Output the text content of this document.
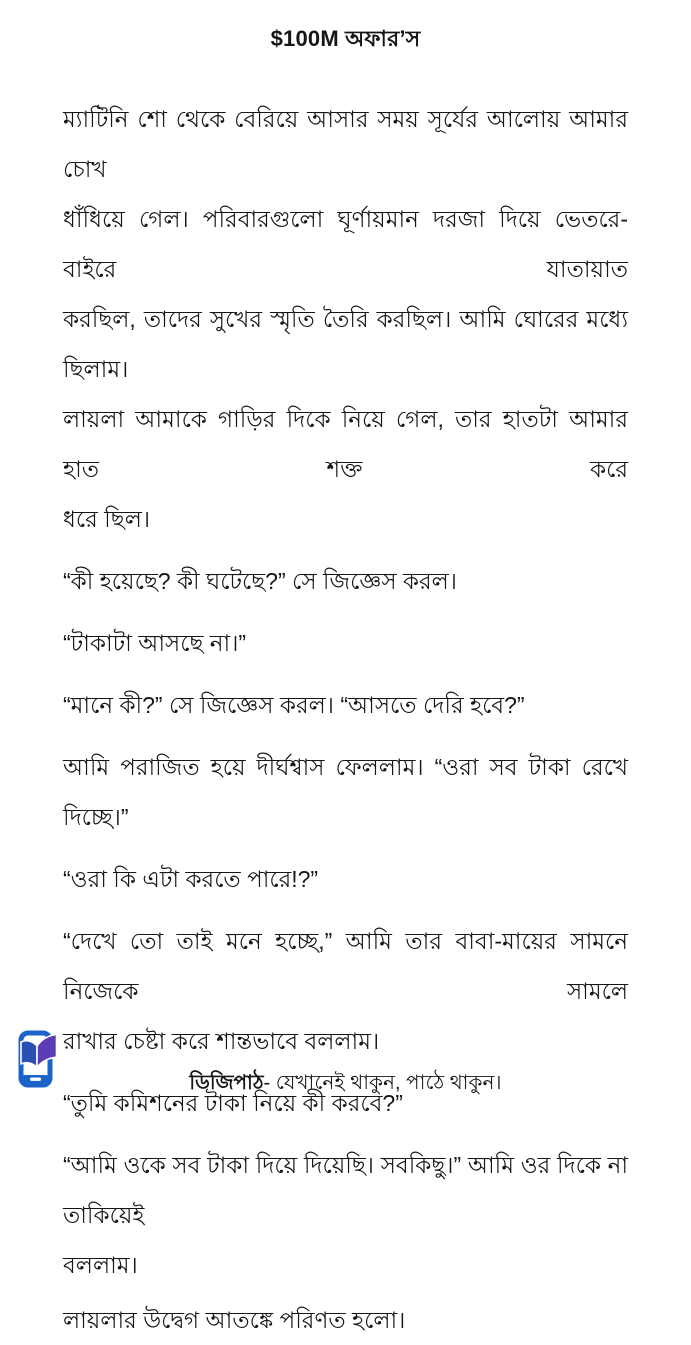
$100M অফার’স
ম্যাটিনি শো থেকে বেরিয়ে আসার সময় সূর্যের আলোয় আমার চোখ
ধাঁধিয়ে গেল। পরিবারগুলো ঘূর্ণায়মান দরজা দিয়ে ভেতরে-বাইরে যাতায়াত
করছিল, তাদের সুখের স্মৃতি তৈরি করছিল। আমি ঘোরের মধ্যে ছিলাম।
লায়লা আমাকে গাড়ির দিকে নিয়ে গেল, তার হাতটা আমার হাত শক্ত করে
ধরে ছিল।
“কী হয়েছে? কী ঘটেছে?” সে জিজ্ঞেস করল।
“টাকাটা আসছে না।”
“মানে কী?” সে জিজ্ঞেস করল। “আসতে দেরি হবে?”
আমি পরাজিত হয়ে দীর্ঘশ্বাস ফেললাম। “ওরা সব টাকা রেখে দিচ্ছে।”
“ওরা কি এটা করতে পারে!?”
“দেখে তো তাই মনে হচ্ছে,” আমি তার বাবা-মায়ের সামনে নিজেকে সামলে
রাখার চেষ্টা করে শান্তভাবে বললাম।
“তুমি কমিশনের টাকা নিয়ে কী করবে?”
“আমি ওকে সব টাকা দিয়ে দিয়েছি। সবকিছু।” আমি ওর দিকে না তাকিয়েই
বললাম।
লায়লার উদ্বেগ আতঙ্কে পরিণত হলো।

ডিজিপাঠ- যেখানেই থাকুন, পাঠে থাকুন।
